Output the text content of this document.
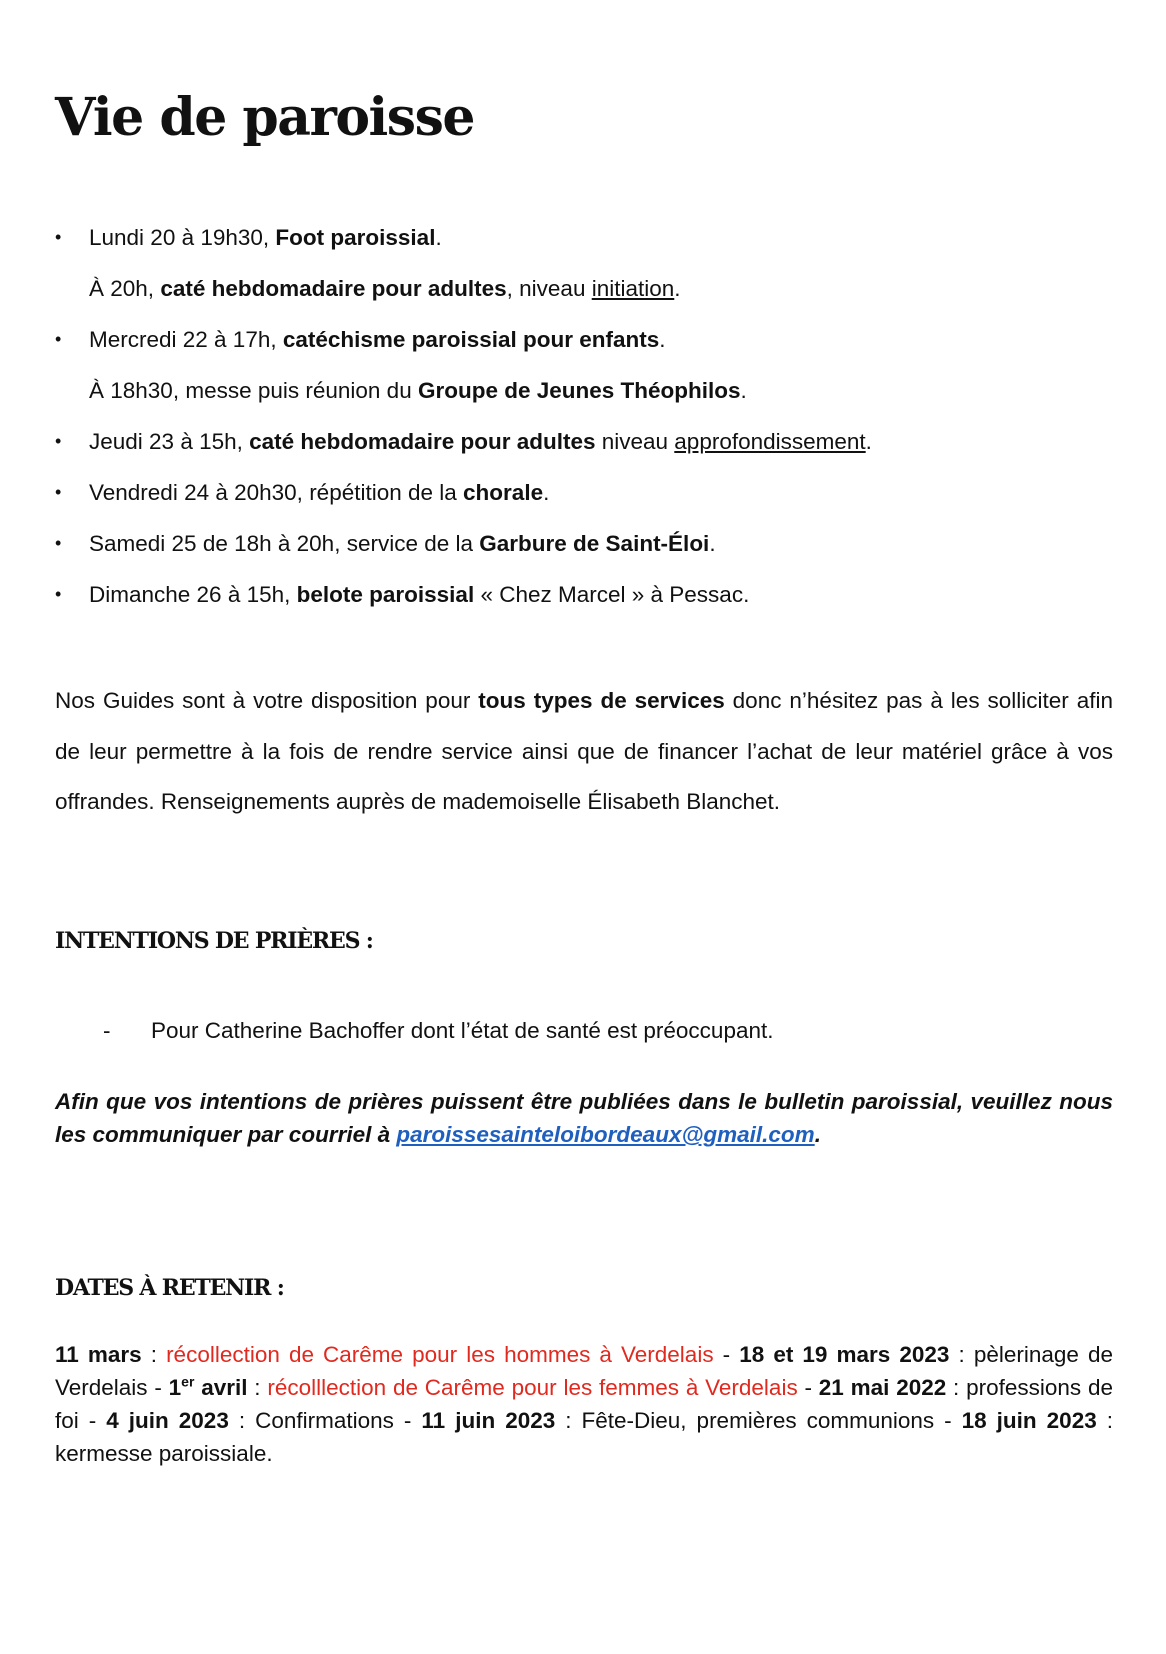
Vie de paroisse
•	Lundi 20 à 19h30, Foot paroissial.
À 20h, caté hebdomadaire pour adultes, niveau initiation.
•	Mercredi 22 à 17h, catéchisme paroissial pour enfants.
À 18h30, messe puis réunion du Groupe de Jeunes Théophilos.
•	Jeudi 23 à 15h, caté hebdomadaire pour adultes niveau approfondissement.
•	Vendredi 24 à 20h30, répétition de la chorale.
•	Samedi 25 de 18h à 20h, service de la Garbure de Saint-Éloi.
•	Dimanche 26 à 15h, belote paroissial « Chez Marcel » à Pessac.

Nos Guides sont à votre disposition pour tous types de services donc n’hésitez pas à les solliciter afin de leur permettre à la fois de rendre service ainsi que de financer l’achat de leur matériel grâce à vos offrandes. Renseignements auprès de mademoiselle Élisabeth Blanchet.

INTENTIONS DE PRIÈRES :
- Pour Catherine Bachoffer dont l’état de santé est préoccupant.

Afin que vos intentions de prières puissent être publiées dans le bulletin paroissial, veuillez nous les communiquer par courriel à paroissesainteloibordeaux@gmail.com.

DATES À RETENIR :

11 mars : récollection de Carême pour les hommes à Verdelais - 18 et 19 mars 2023 : pèlerinage de Verdelais - 1er avril : récolllection de Carême pour les femmes à Verdelais - 21 mai 2022 : professions de foi - 4 juin 2023 : Confirmations - 11 juin 2023 : Fête-Dieu, premières communions - 18 juin 2023 : kermesse paroissiale.
